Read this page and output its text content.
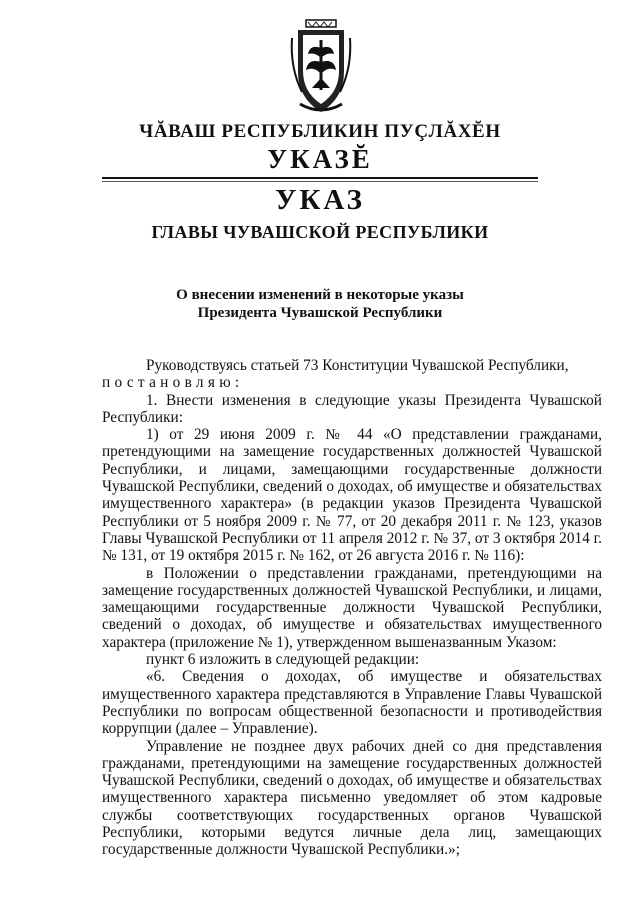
ЧĂВАШ РЕСПУБЛИКИН ПУÇЛĂХĔН
УКАЗĔ
УКАЗ
ГЛАВЫ ЧУВАШСКОЙ РЕСПУБЛИКИ
О внесении изменений в некоторые указы
Президента Чувашской Республики

Руководствуясь статьей 73 Конституции Чувашской Республики,

постановляю:

1. Внести изменения в следующие указы Президента Чувашской Республики:

1) от 29 июня 2009 г. № 44 «О представлении гражданами, претендующими на замещение государственных должностей Чувашской Республики, и лицами, замещающими государственные должности Чувашской Республики, сведений о доходах, об имуществе и обязательствах имущественного характера» (в редакции указов Президента Чувашской Республики от 5 ноября 2009 г. № 77, от 20 декабря 2011 г. № 123, указов Главы Чувашской Республики от 11 апреля 2012 г. № 37, от 3 октября 2014 г. № 131, от 19 октября 2015 г. № 162, от 26 августа 2016 г. № 116):

в Положении о представлении гражданами, претендующими на замещение государственных должностей Чувашской Республики, и лицами, замещающими государственные должности Чувашской Республики, сведений о доходах, об имуществе и обязательствах имущественного характера (приложение № 1), утвержденном вышеназванным Указом:

пункт 6 изложить в следующей редакции:

«6. Сведения о доходах, об имуществе и обязательствах имущественного характера представляются в Управление Главы Чувашской Республики по вопросам общественной безопасности и противодействия коррупции (далее – Управление).

Управление не позднее двух рабочих дней со дня представления гражданами, претендующими на замещение государственных должностей Чувашской Республики, сведений о доходах, об имуществе и обязательствах имущественного характера письменно уведомляет об этом кадровые службы соответствующих государственных органов Чувашской Республики, которыми ведутся личные дела лиц, замещающих государственные должности Чувашской Республики.»;
